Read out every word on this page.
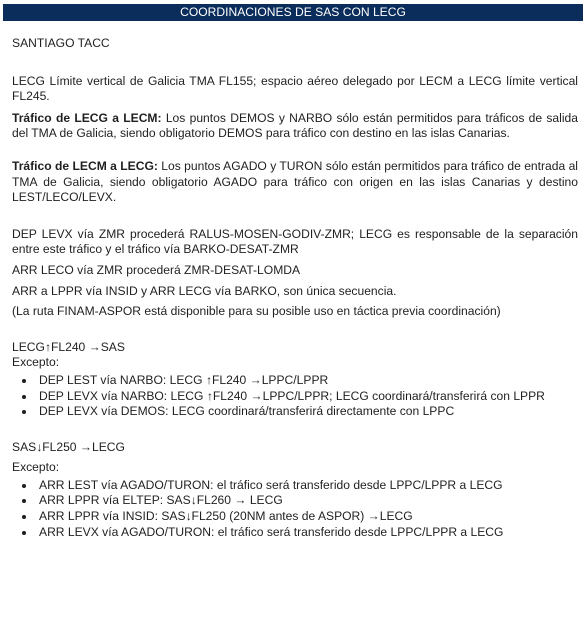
COORDINACIONES DE SAS CON LECG

SANTIAGO TACC

LECG Límite vertical de Galicia TMA FL155; espacio aéreo delegado por LECM a LECG límite vertical FL245.

Tráfico de LECG a LECM: Los puntos DEMOS y NARBO sólo están permitidos para tráficos de salida del TMA de Galicia, siendo obligatorio DEMOS para tráfico con destino en las islas Canarias.

Tráfico de LECM a LECG: Los puntos AGADO y TURON sólo están permitidos para tráfico de entrada al TMA de Galicia, siendo obligatorio AGADO para tráfico con origen en las islas Canarias y destino LEST/LECO/LEVX.

DEP LEVX vía ZMR procederá RALUS-MOSEN-GODIV-ZMR; LECG es responsable de la separación entre este tráfico y el tráfico vía BARKO-DESAT-ZMR

ARR LECO vía ZMR procederá ZMR-DESAT-LOMDA

ARR a LPPR vía INSID y ARR LECG vía BARKO, son única secuencia.

(La ruta FINAM-ASPOR está disponible para su posible uso en táctica previa coordinación)

LECG↑FL240 →SAS

Excepto:

DEP LEST vía NARBO: LECG ↑FL240 →LPPC/LPPR
DEP LEVX vía NARBO: LECG ↑FL240 →LPPC/LPPR; LECG coordinará/transferirá con LPPR
DEP LEVX vía DEMOS: LECG coordinará/transferirá directamente con LPPC

SAS↓FL250 →LECG

Excepto:

ARR LEST vía AGADO/TURON: el tráfico será transferido desde LPPC/LPPR a LECG
ARR LPPR vía ELTEP: SAS↓FL260 → LECG
ARR LPPR vía INSID: SAS↓FL250 (20NM antes de ASPOR) →LECG
ARR LEVX vía AGADO/TURON: el tráfico será transferido desde LPPC/LPPR a LECG
